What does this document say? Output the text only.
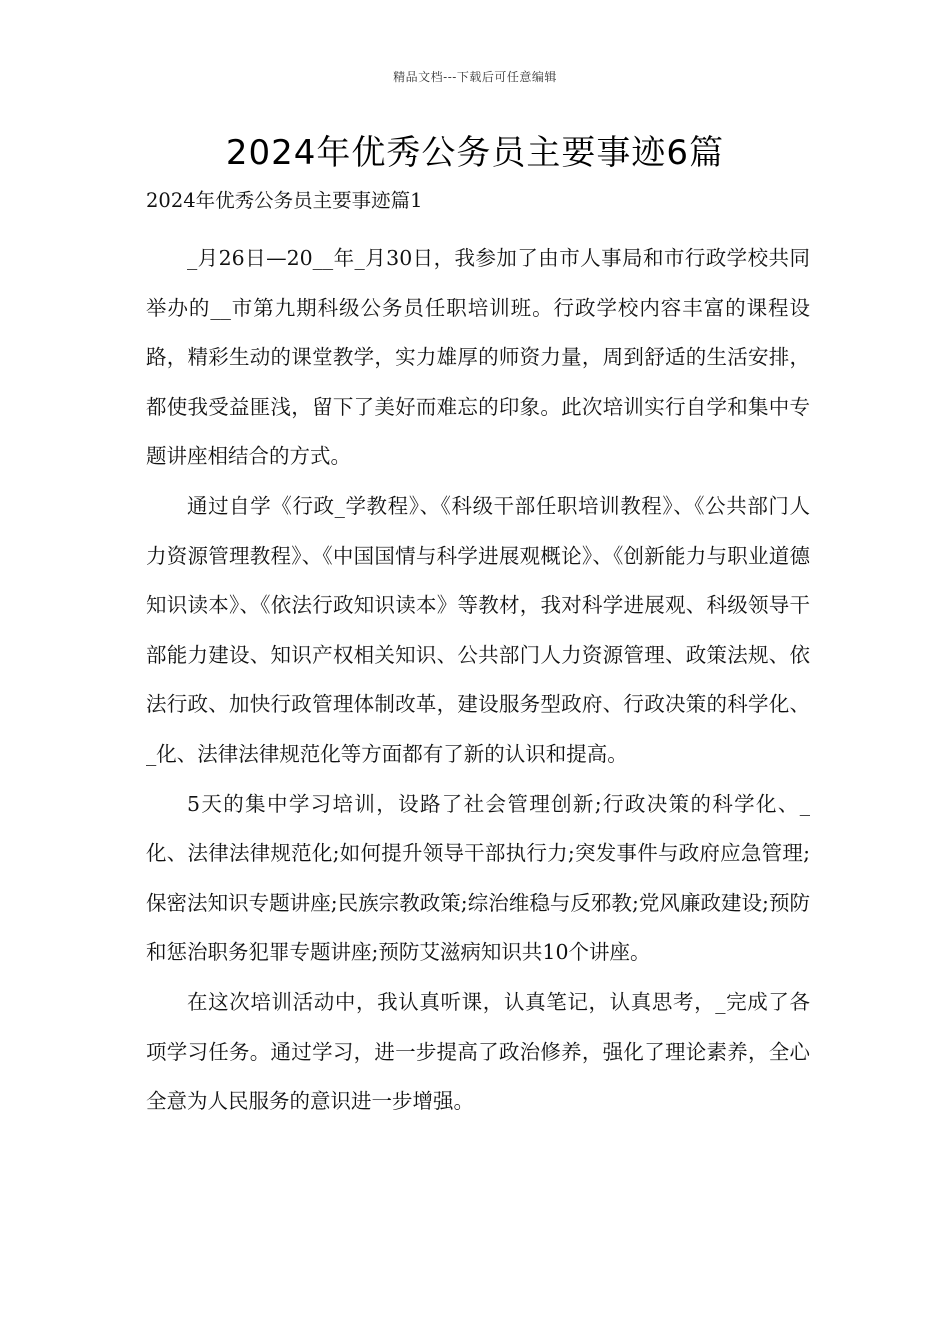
精品文档---下载后可任意编辑
2024年优秀公务员主要事迹6篇
2024年优秀公务员主要事迹篇1

_月26日—20__年_月30日，我参加了由市人事局和市行政学校共同举办的__市第九期科级公务员任职培训班。行政学校内容丰富的课程设路，精彩生动的课堂教学，实力雄厚的师资力量，周到舒适的生活安排，都使我受益匪浅，留下了美好而难忘的印象。此次培训实行自学和集中专题讲座相结合的方式。

通过自学《行政_学教程》、《科级干部任职培训教程》、《公共部门人力资源管理教程》、《中国国情与科学进展观概论》、《创新能力与职业道德知识读本》、《依法行政知识读本》等教材，我对科学进展观、科级领导干部能力建设、知识产权相关知识、公共部门人力资源管理、政策法规、依法行政、加快行政管理体制改革，建设服务型政府、行政决策的科学化、_化、法律法律规范化等方面都有了新的认识和提高。

5天的集中学习培训，设路了社会管理创新;行政决策的科学化、_化、法律法律规范化;如何提升领导干部执行力;突发事件与政府应急管理;保密法知识专题讲座;民族宗教政策;综治维稳与反邪教;党风廉政建设;预防和惩治职务犯罪专题讲座;预防艾滋病知识共10个讲座。

在这次培训活动中，我认真听课，认真笔记，认真思考，_完成了各项学习任务。通过学习，进一步提高了政治修养，强化了理论素养，全心全意为人民服务的意识进一步增强。
